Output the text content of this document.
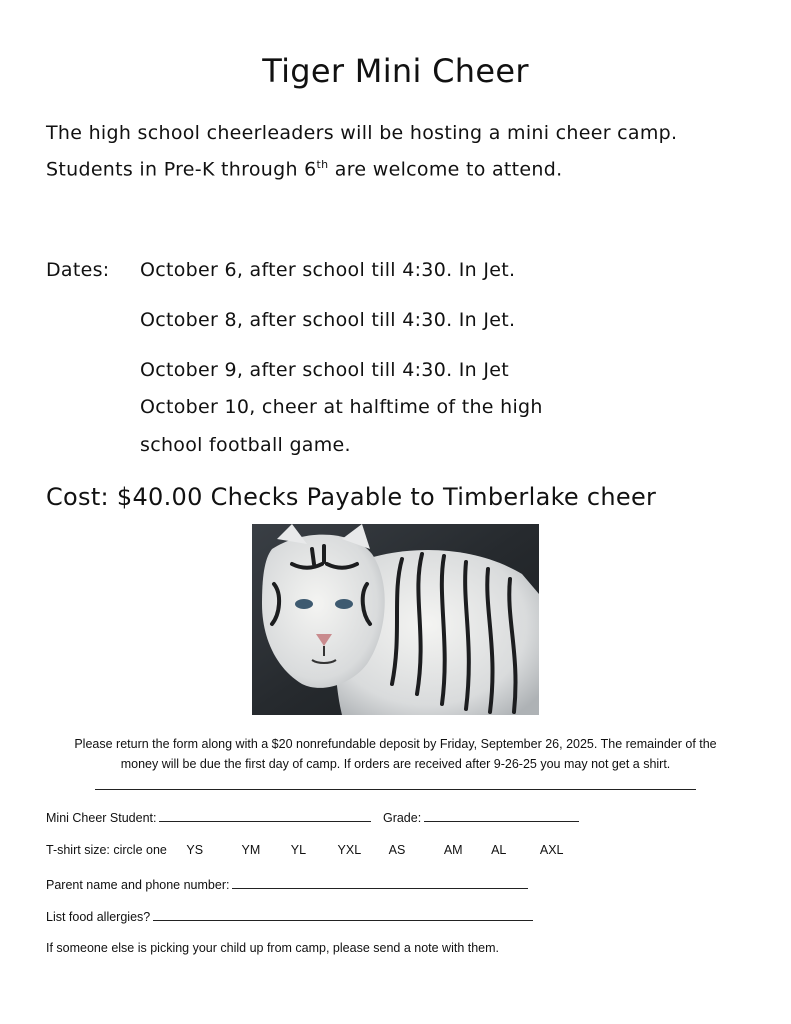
Tiger Mini Cheer
The high school cheerleaders will be hosting a mini cheer camp.
Students in Pre-K through 6th are welcome to attend.
Dates: October 6, after school till 4:30. In Jet.
October 8, after school till 4:30. In Jet.
October 9, after school till 4:30. In Jet
October 10, cheer at halftime of the high
school football game.
Cost: $40.00 Checks Payable to Timberlake cheer
Please return the form along with a $20 nonrefundable deposit by Friday, September 26, 2025. The remainder of the
money will be due the first day of camp. If orders are received after 9-26-25 you may not get a shirt.
Mini Cheer Student:	Grade:
T-shirt size: circle one YS	YM YL	YXL AS	AM AL	AXL
Parent name and phone number:
List food allergies?
If someone else is picking your child up from camp, please send a note with them.
